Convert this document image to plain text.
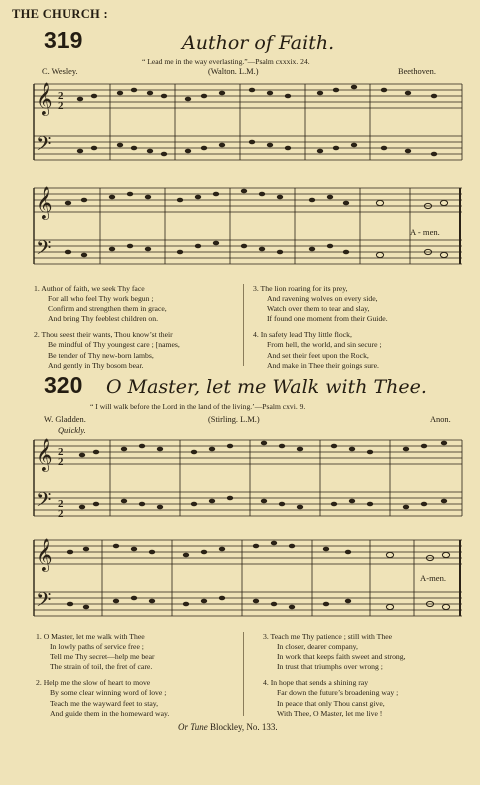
THE CHURCH :
319	Author of Faith.
“ Lead me in the way everlasting.”—Psalm cxxxix. 24.
C. Wesley.	(Walton. L.M.)	Beethoven.
𝄞
𝄢
2
2
𝄞
𝄢
A - men.
1. Author of faith, we seek Thy face
For all who feel Thy work begun ;
Confirm and strengthen them in grace,
And bring Thy feeblest children on.
2. Thou seest their wants, Thou know’st their
Be mindful of Thy youngest care ; [names,
Be tender of Thy new-born lambs,
And gently in Thy bosom bear.
3. The lion roaring for its prey,
And ravening wolves on every side,
Watch over them to tear and slay,
If found one moment from their Guide.
4. In safety lead Thy little flock,
From hell, the world, and sin secure ;
And set their feet upon the Rock,
And make in Thee their goings sure.
320 O Master, let me Walk with Thee.
“ I will walk before the Lord in the land of the living.’—Psalm cxvi. 9.
W. Gladden.	(Stirling. L.M.)	Anon.
Quickly.
𝄞
𝄢
2
2
2
2
𝄞
𝄢
A-men.
1. O Master, let me walk with Thee
In lowly paths of service free ;
Tell me Thy secret—help me bear
The strain of toil, the fret of care.
2. Help me the slow of heart to move
By some clear winning word of love ;
Teach me the wayward feet to stay,
And guide them in the homeward way.
3. Teach me Thy patience ; still with Thee
In closer, dearer company,
In work that keeps faith sweet and strong,
In trust that triumphs over wrong ;
4. In hope that sends a shining ray
Far down the future’s broadening way ;
In peace that only Thou canst give,
With Thee, O Master, let me live !
Or Tune Blockley, No. 133.
